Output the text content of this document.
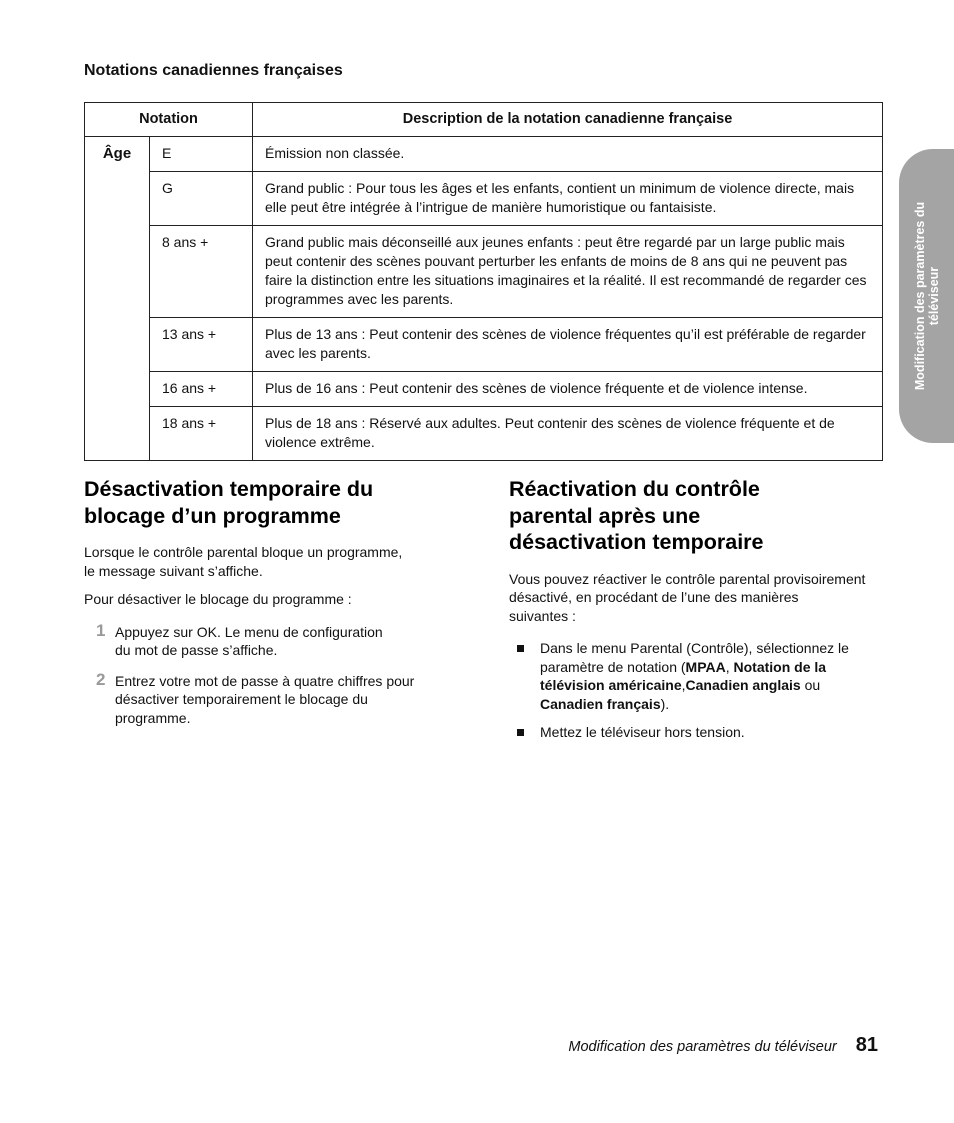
Notations canadiennes françaises
Notation		Description de la notation canadienne française
Âge	E	Émission non classée.
	G	Grand public : Pour tous les âges et les enfants, contient un minimum de violence directe, mais elle peut être intégrée à l’intrigue de manière humoristique ou fantaisiste.
	8 ans +	Grand public mais déconseillé aux jeunes enfants : peut être regardé par un large public mais peut contenir des scènes pouvant perturber les enfants de moins de 8 ans qui ne peuvent pas faire la distinction entre les situations imaginaires et la réalité. Il est recommandé de regarder ces programmes avec les parents.
	13 ans +	Plus de 13 ans : Peut contenir des scènes de violence fréquentes qu’il est préférable de regarder avec les parents.
	16 ans +	Plus de 16 ans : Peut contenir des scènes de violence fréquente et de violence intense.
	18 ans +	Plus de 18 ans : Réservé aux adultes. Peut contenir des scènes de violence fréquente et de violence extrême.
Modification des paramètres du téléviseur
Désactivation temporaire du
blocage d’un programme

Lorsque le contrôle parental bloque un programme,
le message suivant s’affiche.

Pour désactiver le blocage du programme :

1 Appuyez sur OK. Le menu de configuration
du mot de passe s’affiche.
2 Entrez votre mot de passe à quatre chiffres pour
désactiver temporairement le blocage du
programme.
Réactivation du contrôle
parental après une
désactivation temporaire

Vous pouvez réactiver le contrôle parental provisoirement
désactivé, en procédant de l’une des manières
suivantes :

Dans le menu Parental (Contrôle), sélectionnez le paramètre de notation (MPAA, Notation de la télévision américaine,Canadien anglais ou Canadien français).
Mettez le téléviseur hors tension.
Modification des paramètres du téléviseur 81
